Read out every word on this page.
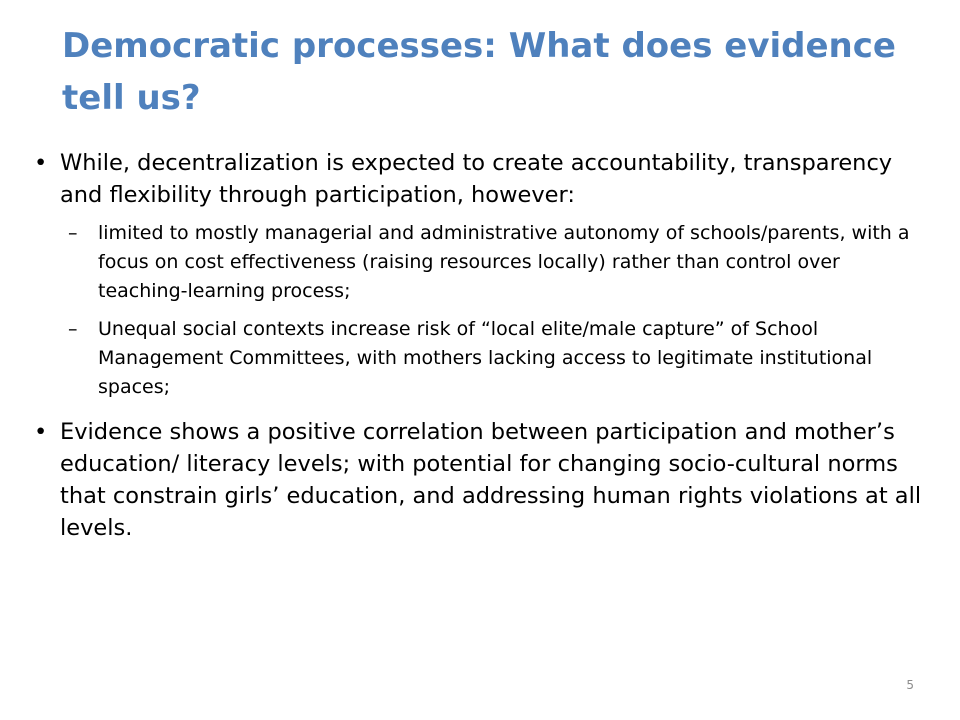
Democratic processes: What does evidence tell us?
• While, decentralization is expected to create accountability, transparency and flexibility through participation, however:
– limited to mostly managerial and administrative autonomy of schools/parents, with a focus on cost effectiveness (raising resources locally) rather than control over teaching-learning process;
– Unequal social contexts increase risk of “local elite/male capture” of School Management Committees, with mothers lacking access to legitimate institutional spaces;
• Evidence shows a positive correlation between participation and mother’s education/ literacy levels; with potential for changing socio-cultural norms that constrain girls’ education, and addressing human rights violations at all levels.
5
